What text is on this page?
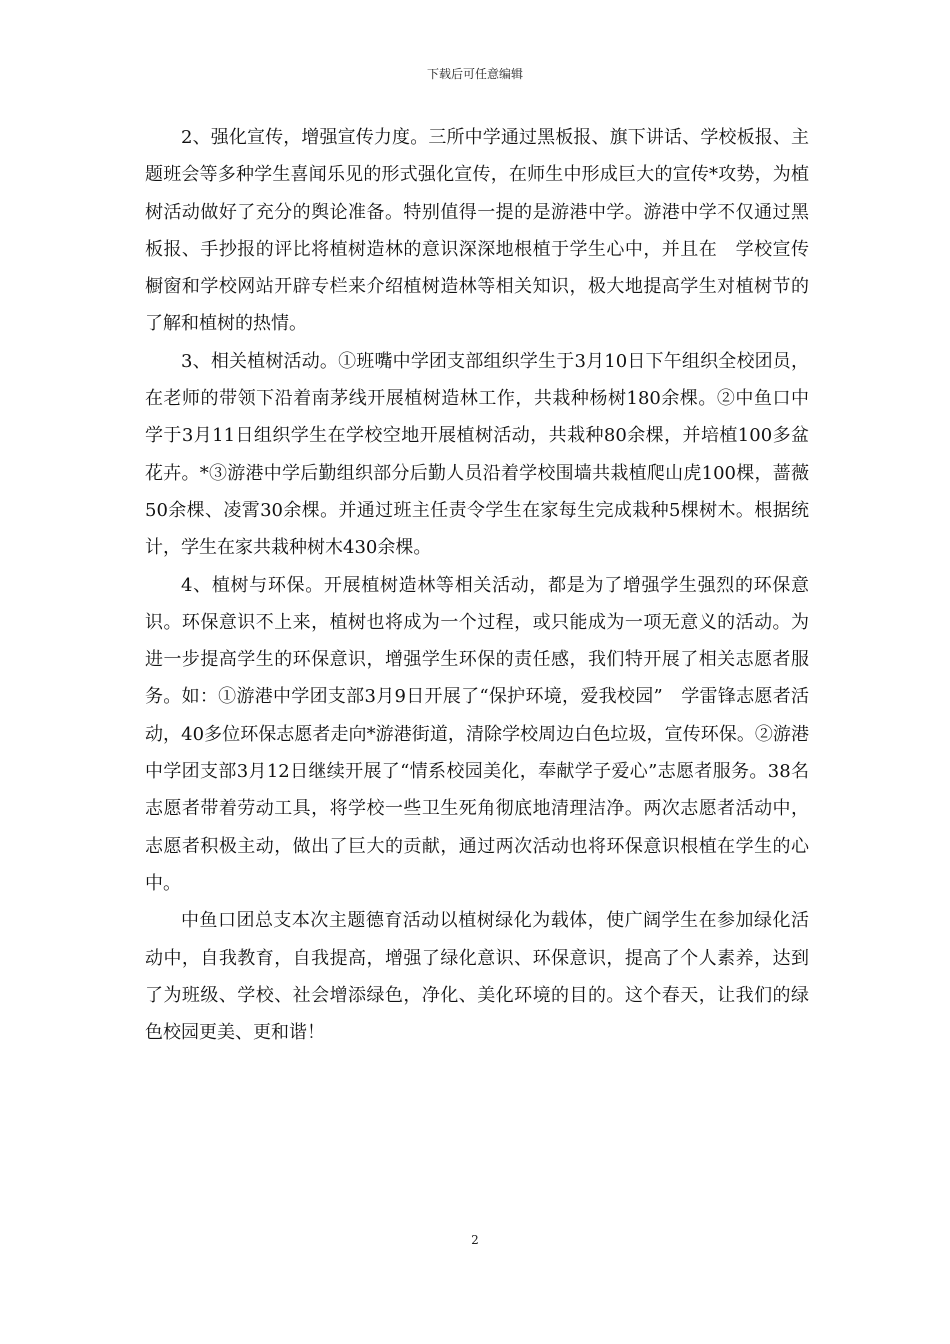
下载后可任意编辑

2、强化宣传，增强宣传力度。三所中学通过黑板报、旗下讲话、学校板报、主题班会等多种学生喜闻乐见的形式强化宣传，在师生中形成巨大的宣传*攻势，为植树活动做好了充分的舆论准备。特别值得一提的是游港中学。游港中学不仅通过黑板报、手抄报的评比将植树造林的意识深深地根植于学生心中，并且在　学校宣传橱窗和学校网站开辟专栏来介绍植树造林等相关知识，极大地提高学生对植树节的了解和植树的热情。

3、相关植树活动。①班嘴中学团支部组织学生于3月10日下午组织全校团员，在老师的带领下沿着南茅线开展植树造林工作，共栽种杨树180余棵。②中鱼口中学于3月11日组织学生在学校空地开展植树活动，共栽种80余棵，并培植100多盆花卉。*③游港中学后勤组织部分后勤人员沿着学校围墙共栽植爬山虎100棵，蔷薇50余棵、凌霄30余棵。并通过班主任责令学生在家每生完成栽种5棵树木。根据统计，学生在家共栽种树木430余棵。

4、植树与环保。开展植树造林等相关活动，都是为了增强学生强烈的环保意识。环保意识不上来，植树也将成为一个过程，或只能成为一项无意义的活动。为进一步提高学生的环保意识，增强学生环保的责任感，我们特开展了相关志愿者服务。如：①游港中学团支部3月9日开展了“保护环境，爱我校园”　学雷锋志愿者活动，40多位环保志愿者走向*游港街道，清除学校周边白色垃圾，宣传环保。②游港中学团支部3月12日继续开展了“情系校园美化，奉献学子爱心”志愿者服务。38名志愿者带着劳动工具，将学校一些卫生死角彻底地清理洁净。两次志愿者活动中，志愿者积极主动，做出了巨大的贡献，通过两次活动也将环保意识根植在学生的心中。

中鱼口团总支本次主题德育活动以植树绿化为载体，使广阔学生在参加绿化活动中，自我教育，自我提高，增强了绿化意识、环保意识，提高了个人素养，达到了为班级、学校、社会增添绿色，净化、美化环境的目的。这个春天，让我们的绿色校园更美、更和谐！

2
